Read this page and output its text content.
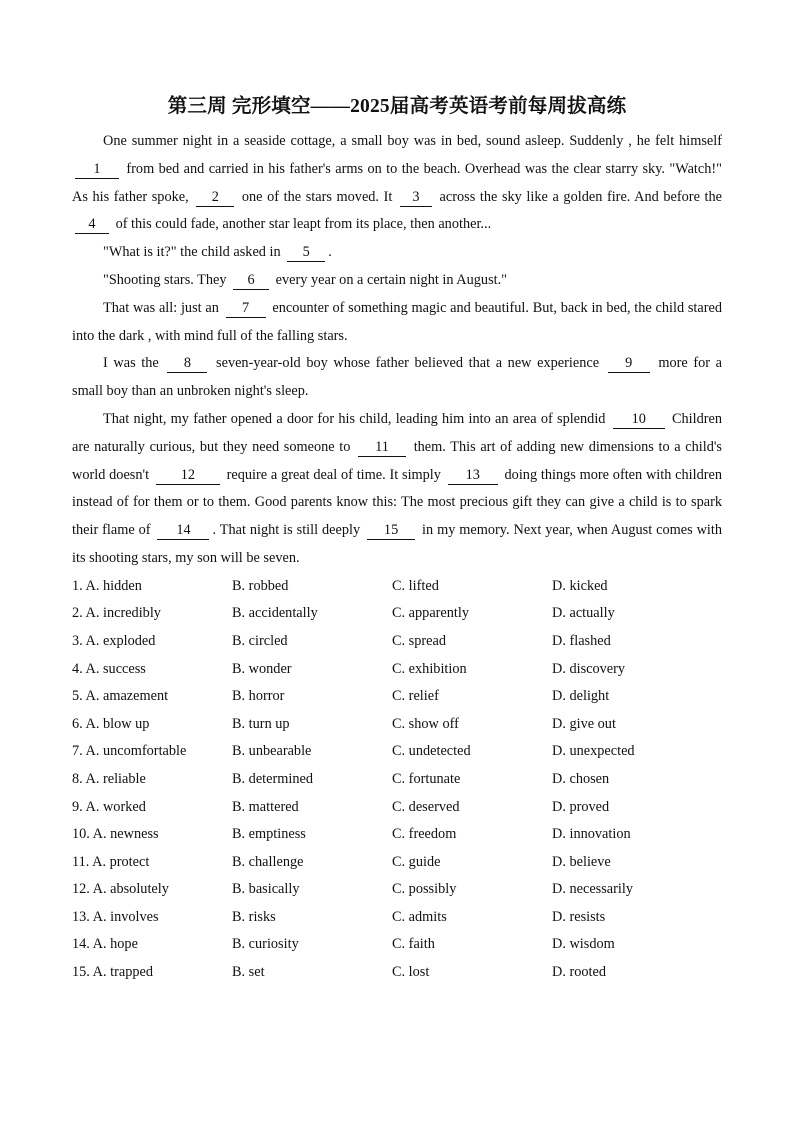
第三周 完形填空——2025届高考英语考前每周拔高练

One summer night in a seaside cottage, a small boy was in bed, sound asleep. Suddenly , he felt himself 1 from bed and carried in his father's arms on to the beach. Overhead was the clear starry sky. "Watch!" As his father spoke, 2 one of the stars moved. It 3 across the sky like a golden fire. And before the 4 of this could fade, another star leapt from its place, then another...

"What is it?" the child asked in 5 .

"Shooting stars. They 6 every year on a certain night in August."

That was all: just an 7 encounter of something magic and beautiful. But, back in bed, the child stared into the dark , with mind full of the falling stars.

I was the 8 seven-year-old boy whose father believed that a new experience 9 more for a small boy than an unbroken night's sleep.

That night, my father opened a door for his child, leading him into an area of splendid 10 Children are naturally curious, but they need someone to 11 them. This art of adding new dimensions to a child's world doesn't 12 require a great deal of time. It simply 13 doing things more often with children instead of for them or to them. Good parents know this: The most precious gift they can give a child is to spark their flame of 14 . That night is still deeply 15 in my memory. Next year, when August comes with its shooting stars, my son will be seven.

1. A. hidden	B. robbed	C. lifted	D. kicked
2. A. incredibly	B. accidentally	C. apparently	D. actually
3. A. exploded	B. circled	C. spread	D. flashed
4. A. success	B. wonder	C. exhibition	D. discovery
5. A. amazement	B. horror	C. relief	D. delight
6. A. blow up	B. turn up	C. show off	D. give out
7. A. uncomfortable	B. unbearable	C. undetected	D. unexpected
8. A. reliable	B. determined	C. fortunate	D. chosen
9. A. worked	B. mattered	C. deserved	D. proved
10. A. newness	B. emptiness	C. freedom	D. innovation
11. A. protect	B. challenge	C. guide	D. believe
12. A. absolutely	B. basically	C. possibly	D. necessarily
13. A. involves	B. risks	C. admits	D. resists
14. A. hope	B. curiosity	C. faith	D. wisdom
15. A. trapped	B. set	C. lost	D. rooted
